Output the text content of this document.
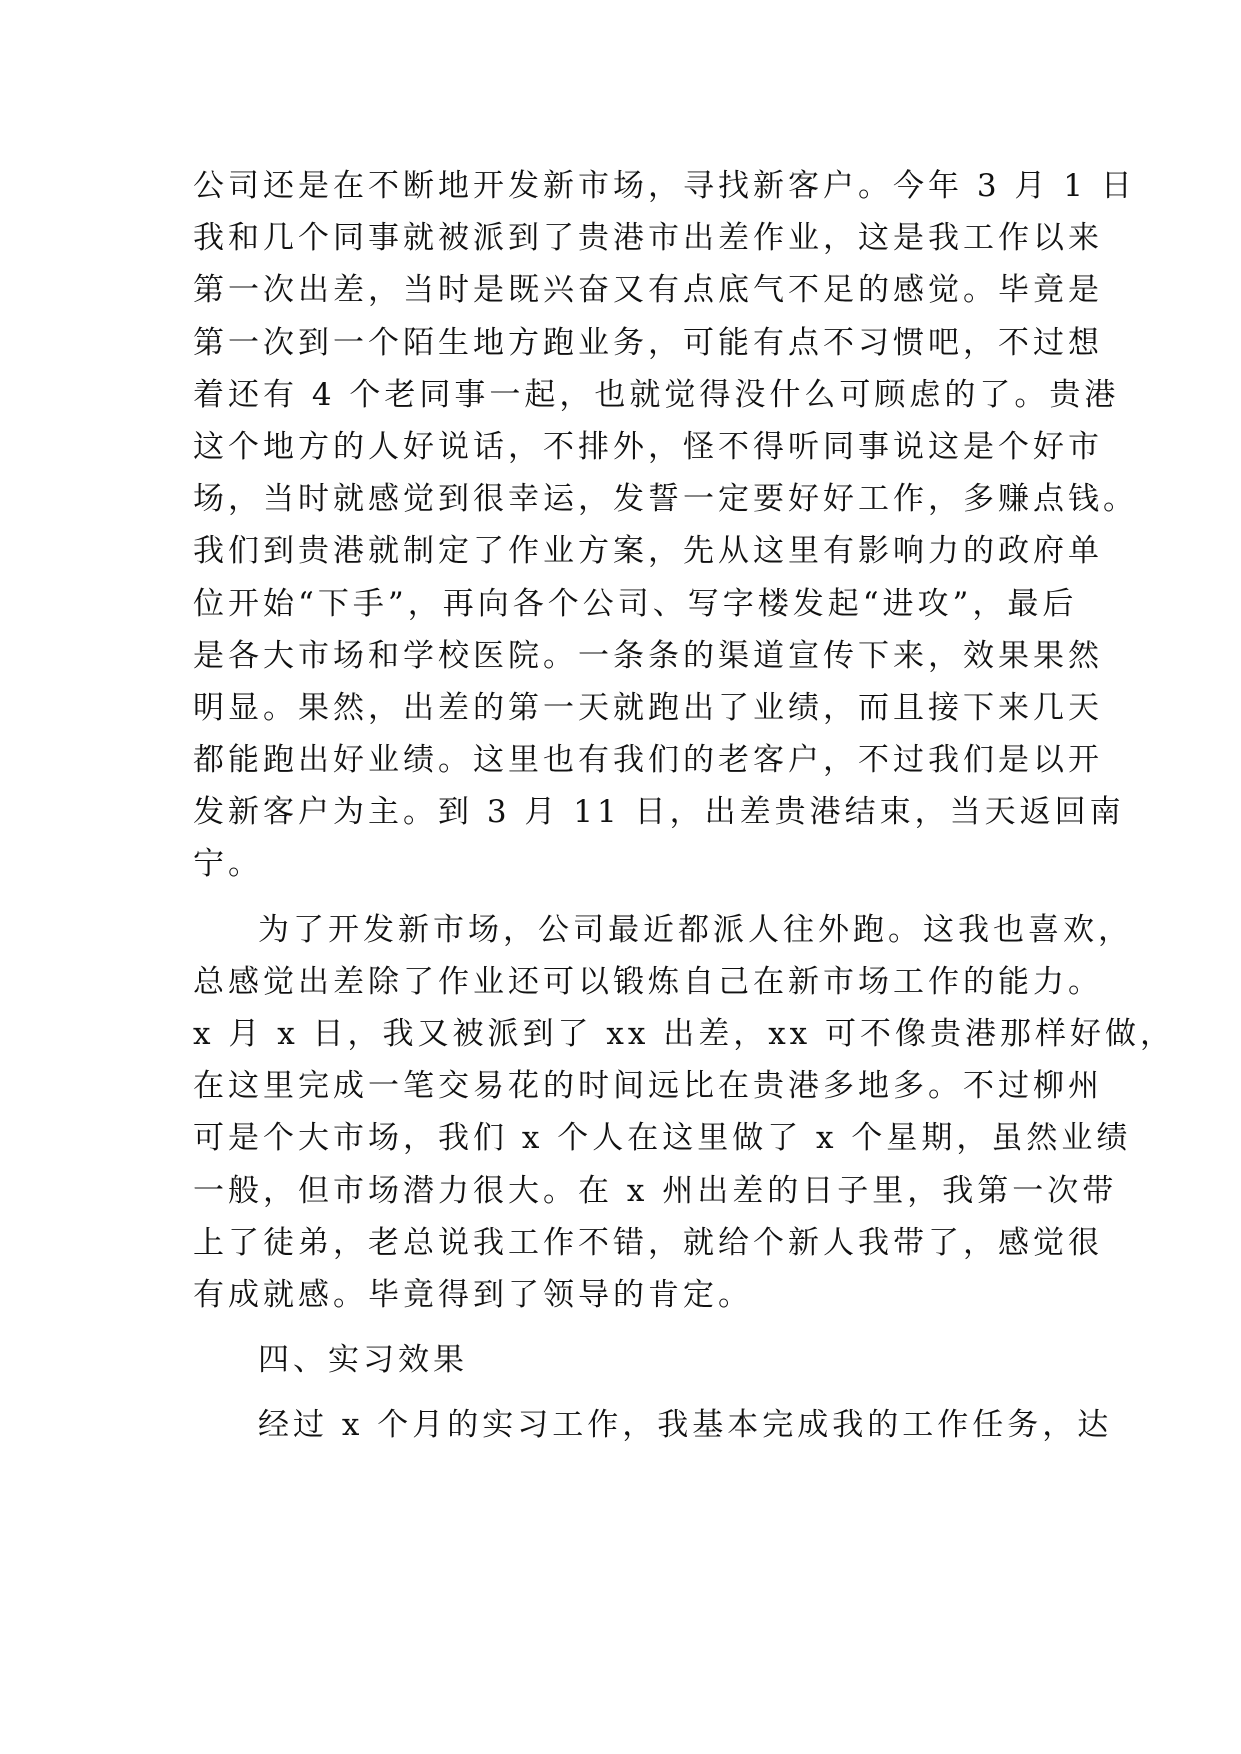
公司还是在不断地开发新市场，寻找新客户。今年 3 月 1 日
我和几个同事就被派到了贵港市出差作业，这是我工作以来
第一次出差，当时是既兴奋又有点底气不足的感觉。毕竟是
第一次到一个陌生地方跑业务，可能有点不习惯吧，不过想
着还有 4 个老同事一起，也就觉得没什么可顾虑的了。贵港
这个地方的人好说话，不排外，怪不得听同事说这是个好市
场，当时就感觉到很幸运，发誓一定要好好工作，多赚点钱。
我们到贵港就制定了作业方案，先从这里有影响力的政府单
位开始“下手”，再向各个公司、写字楼发起“进攻”，最后
是各大市场和学校医院。一条条的渠道宣传下来，效果果然
明显。果然，出差的第一天就跑出了业绩，而且接下来几天
都能跑出好业绩。这里也有我们的老客户，不过我们是以开
发新客户为主。到 3 月 11 日，出差贵港结束，当天返回南
宁。
为了开发新市场，公司最近都派人往外跑。这我也喜欢，
总感觉出差除了作业还可以锻炼自己在新市场工作的能力。
x 月 x 日，我又被派到了 xx 出差，xx 可不像贵港那样好做，
在这里完成一笔交易花的时间远比在贵港多地多。不过柳州
可是个大市场，我们 x 个人在这里做了 x 个星期，虽然业绩
一般，但市场潜力很大。在 x 州出差的日子里，我第一次带
上了徒弟，老总说我工作不错，就给个新人我带了，感觉很
有成就感。毕竟得到了领导的肯定。
四、实习效果
经过 x 个月的实习工作，我基本完成我的工作任务，达
